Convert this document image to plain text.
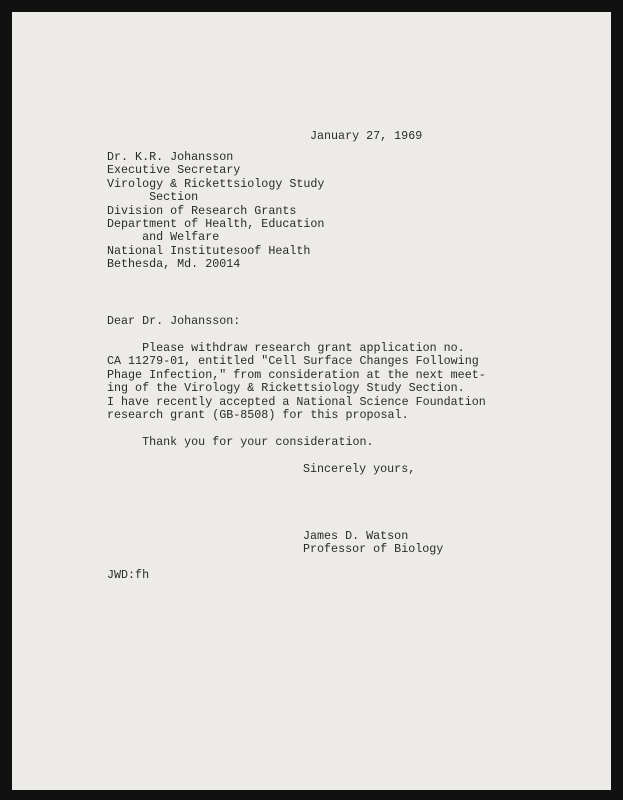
January 27, 1969
Dr. K.R. Johansson
Executive Secretary
Virology & Rickettsiology Study
Section
Division of Research Grants
Department of Health, Education
and Welfare
National Institutesoof Health
Bethesda, Md. 20014
Dear Dr. Johansson:
Please withdraw research grant application no.
CA 11279-01, entitled "Cell Surface Changes Following
Phage Infection," from consideration at the next meet-
ing of the Virology & Rickettsiology Study Section.
I have recently accepted a National Science Foundation
research grant (GB-8508) for this proposal.
Thank you for your consideration.
Sincerely yours,
James D. Watson
Professor of Biology
JWD:fh
